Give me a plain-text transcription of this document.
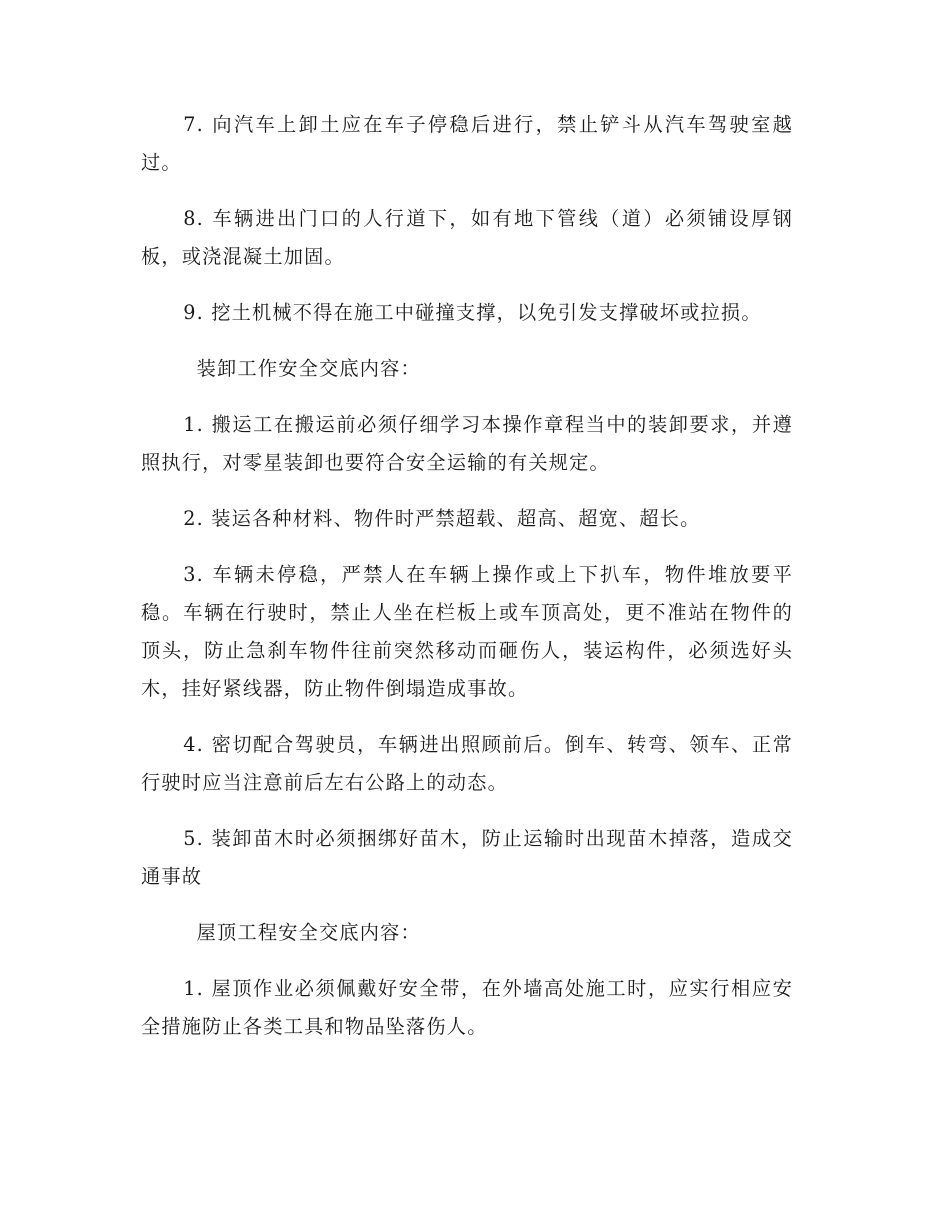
7. 向汽车上卸土应在车子停稳后进行，禁止铲斗从汽车驾驶室越过。

8. 车辆进出门口的人行道下，如有地下管线（道）必须铺设厚钢板，或浇混凝土加固。

9. 挖土机械不得在施工中碰撞支撑，以免引发支撑破坏或拉损。

装卸工作安全交底内容：

1. 搬运工在搬运前必须仔细学习本操作章程当中的装卸要求，并遵照执行，对零星装卸也要符合安全运输的有关规定。

2. 装运各种材料、物件时严禁超载、超高、超宽、超长。

3. 车辆未停稳，严禁人在车辆上操作或上下扒车，物件堆放要平稳。车辆在行驶时，禁止人坐在栏板上或车顶高处，更不准站在物件的顶头，防止急刹车物件往前突然移动而砸伤人，装运构件，必须选好头木，挂好紧线器，防止物件倒塌造成事故。

4. 密切配合驾驶员，车辆进出照顾前后。倒车、转弯、领车、正常行驶时应当注意前后左右公路上的动态。

5. 装卸苗木时必须捆绑好苗木，防止运输时出现苗木掉落，造成交通事故

屋顶工程安全交底内容：

1. 屋顶作业必须佩戴好安全带，在外墙高处施工时，应实行相应安全措施防止各类工具和物品坠落伤人。
